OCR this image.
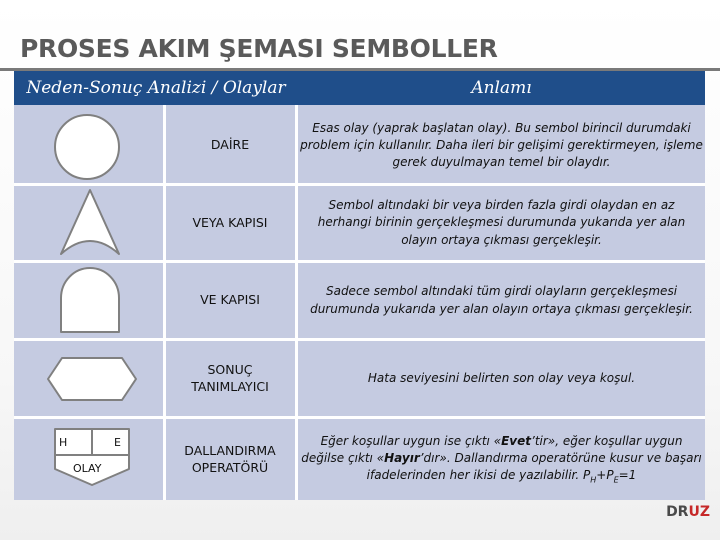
PROSES AKIM ŞEMASI SEMBOLLER
Neden-Sonuç Analizi / Olaylar	Anlamı
DAİRE
Esas olay (yaprak başlatan olay). Bu sembol birincil durumdaki problem için kullanılır. Daha ileri bir gelişimi gerektirmeyen, işleme gerek duyulmayan temel bir olaydır.
VEYA KAPISI
Sembol altındaki bir veya birden fazla girdi olaydan en az herhangi birinin gerçekleşmesi durumunda yukarıda yer alan olayın ortaya çıkması gerçekleşir.
VE KAPISI
Sadece sembol altındaki tüm girdi olayların gerçekleşmesi durumunda yukarıda yer alan olayın ortaya çıkması gerçekleşir.
SONUÇ TANIMLAYICI
Hata seviyesini belirten son olay veya koşul.
H	E
OLAY
DALLANDIRMA OPERATÖRÜ
Eğer koşullar uygun ise çıktı «Evet’tir», eğer koşullar uygun değilse çıktı «Hayır’dır». Dallandırma operatörüne kusur ve başarı ifadelerinden her ikisi de yazılabilir. $P_H+P_E=1$
DRUZ
